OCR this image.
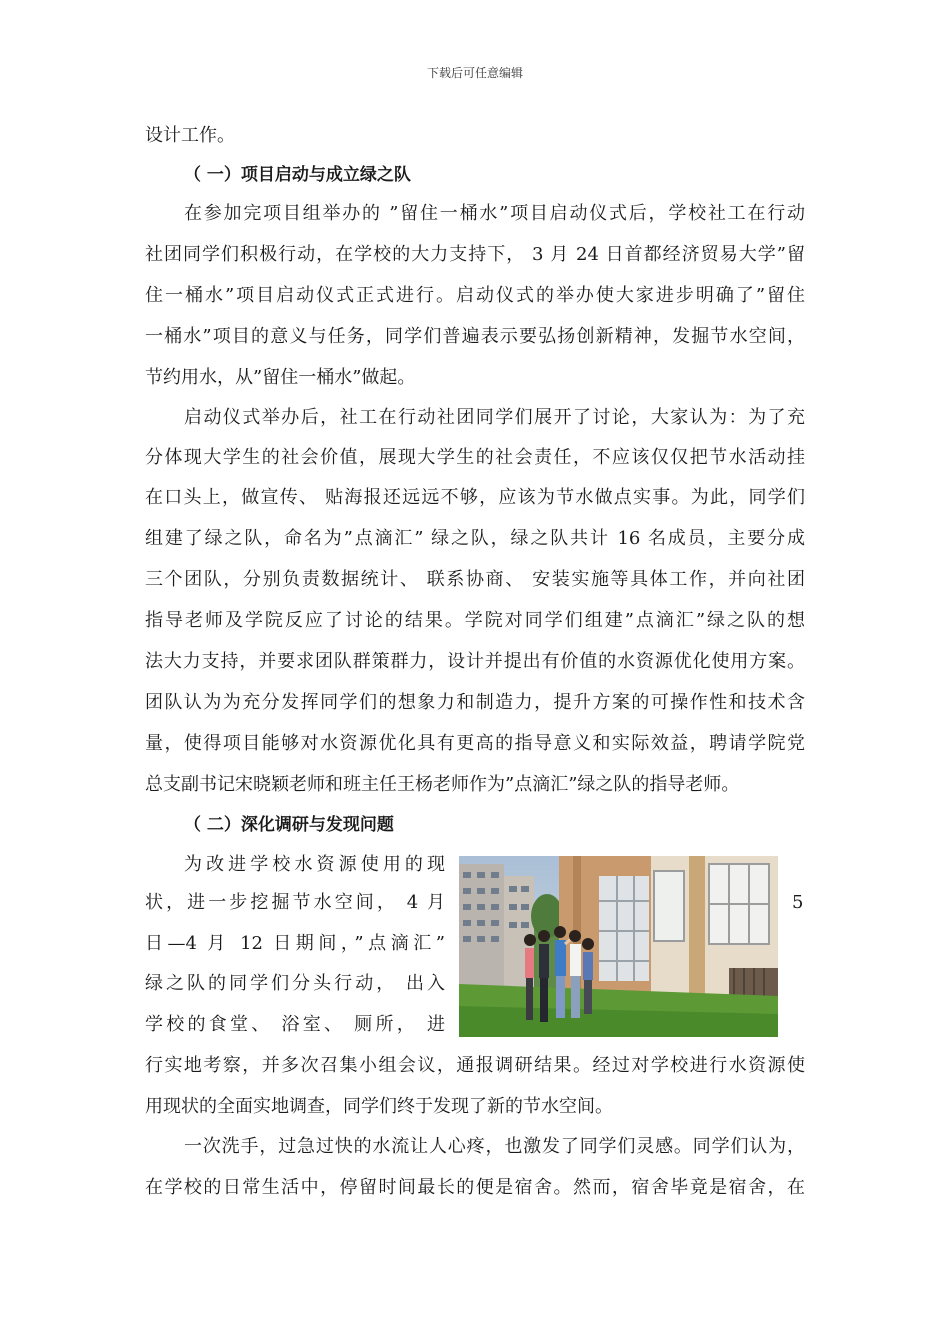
下载后可任意编辑
设计工作。
（ 一）项目启动与成立绿之队
在参加完项目组举办的 ”留住一桶水”项目启动仪式后，学校社工在行动
社团同学们积极行动，在学校的大力支持下， 3 月 24 日首都经济贸易大学”留
住一桶水”项目启动仪式正式进行。启动仪式的举办使大家进步明确了”留住
一桶水”项目的意义与任务，同学们普遍表示要弘扬创新精神，发掘节水空间，
节约用水，从”留住一桶水”做起。
启动仪式举办后，社工在行动社团同学们展开了讨论，大家认为：为了充
分体现大学生的社会价值，展现大学生的社会责任，不应该仅仅把节水活动挂
在口头上，做宣传、 贴海报还远远不够，应该为节水做点实事。为此，同学们
组建了绿之队，命名为”点滴汇” 绿之队，绿之队共计 16 名成员，主要分成
三个团队，分别负责数据统计、 联系协商、 安装实施等具体工作，并向社团
指导老师及学院反应了讨论的结果。学院对同学们组建”点滴汇”绿之队的想
法大力支持，并要求团队群策群力，设计并提出有价值的水资源优化使用方案。
团队认为为充分发挥同学们的想象力和制造力，提升方案的可操作性和技术含
量，使得项目能够对水资源优化具有更高的指导意义和实际效益，聘请学院党
总支副书记宋晓颖老师和班主任王杨老师作为”点滴汇”绿之队的指导老师。
（ 二）深化调研与发现问题
为改进学校水资源使用的现
状，进一步挖掘节水空间， 4 月	5
日—4 月 12 日期间，”点滴汇”
绿之队的同学们分头行动， 出入
学校的食堂、 浴室、 厕所， 进
行实地考察，并多次召集小组会议，通报调研结果。经过对学校进行水资源使
用现状的全面实地调查，同学们终于发现了新的节水空间。
一次洗手，过急过快的水流让人心疼，也激发了同学们灵感。同学们认为，
在学校的日常生活中，停留时间最长的便是宿舍。然而，宿舍毕竟是宿舍，在
